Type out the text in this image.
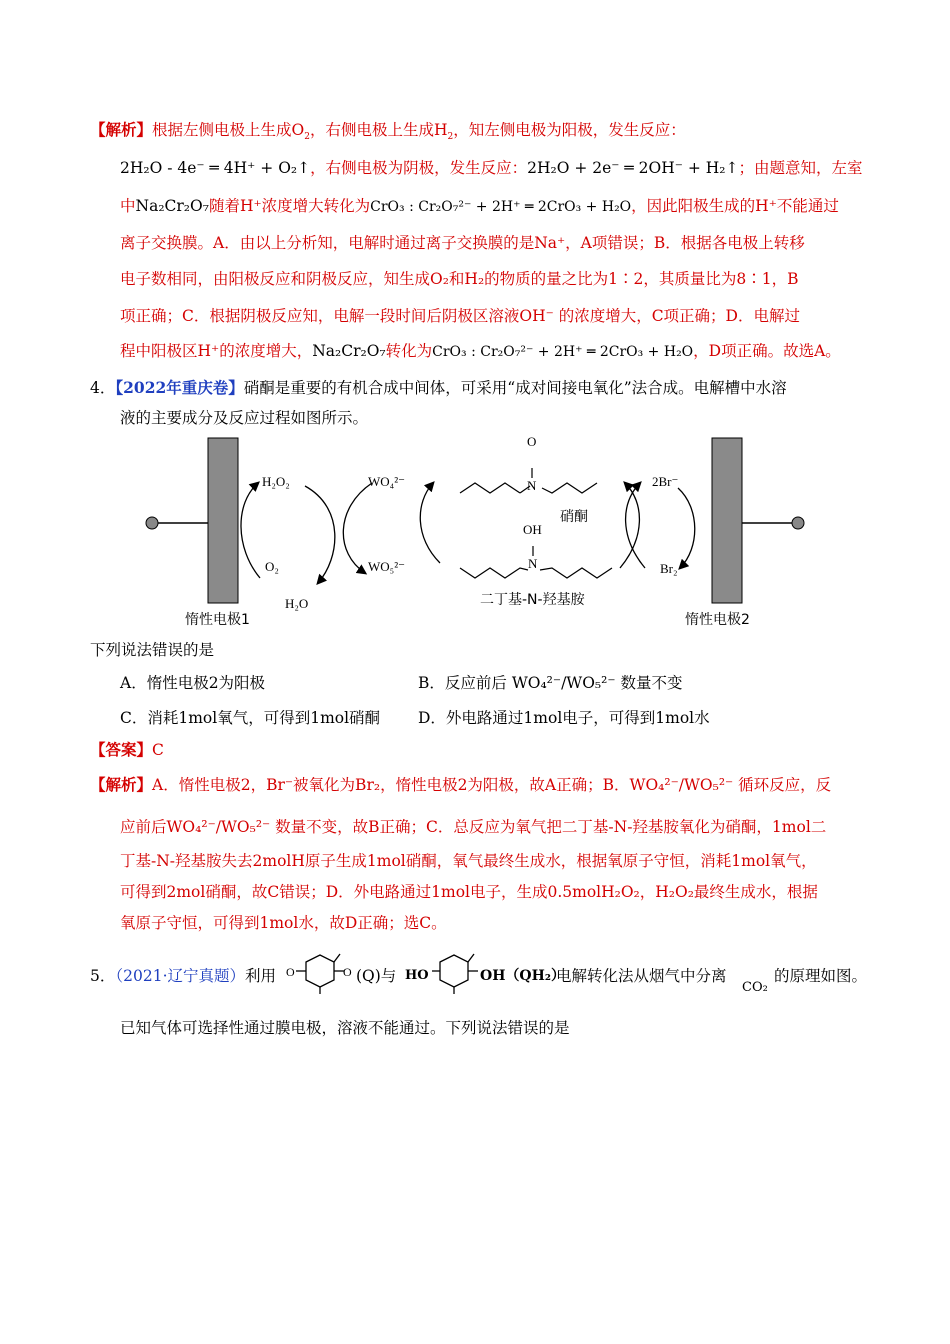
【解析】根据左侧电极上生成$O_2$，右侧电极上生成$H_2$，知左侧电极为阳极，发生反应：
2H₂O - 4e⁻ ═ 4H⁺ + O₂↑，右侧电极为阴极，发生反应：2H₂O + 2e⁻ ═ 2OH⁻ + H₂↑；由题意知，左室
中Na₂Cr₂O₇随着H⁺浓度增大转化为CrO₃ : Cr₂O₇²⁻ + 2H⁺ ═ 2CrO₃ + H₂O，因此阳极生成的H⁺不能通过
离子交换膜。A．由以上分析知，电解时通过离子交换膜的是Na⁺，A项错误；B．根据各电极上转移
电子数相同，由阳极反应和阴极反应，知生成O₂和H₂的物质的量之比为1∶2，其质量比为8∶1，B
项正确；C．根据阴极反应知，电解一段时间后阴极区溶液OH⁻ 的浓度增大，C项正确；D．电解过
程中阳极区H⁺的浓度增大，Na₂Cr₂O₇转化为CrO₃ : Cr₂O₇²⁻ + 2H⁺ ═ 2CrO₃ + H₂O，D项正确。故选A。
4．【2022年重庆卷】硝酮是重要的有机合成中间体，可采用“成对间接电氧化”法合成。电解槽中水溶
液的主要成分及反应过程如图所示。
H₂O₂
O₂
H₂O
WO₄²⁻
WO₅²⁻
O
N
OH
N
硝酮
二丁基-N-羟基胺
2Br⁻
Br₂
惰性电极1	惰性电极2
下列说法错误的是
A．惰性电极2为阳极	B．反应前后 WO₄²⁻/WO₅²⁻ 数量不变
C．消耗1mol氧气，可得到1mol硝酮 D．外电路通过1mol电子，可得到1mol水
【答案】C
【解析】A．惰性电极2，Br⁻被氧化为Br₂，惰性电极2为阳极，故A正确；B．WO₄²⁻/WO₅²⁻ 循环反应，反
应前后WO₄²⁻/WO₅²⁻ 数量不变，故B正确；C．总反应为氧气把二丁基-N-羟基胺氧化为硝酮，1mol二
丁基-N-羟基胺失去2molH原子生成1mol硝酮，氧气最终生成水，根据氧原子守恒，消耗1mol氧气，
可得到2mol硝酮，故C错误；D．外电路通过1mol电子，生成0.5molH₂O₂，H₂O₂最终生成水，根据
氧原子守恒，可得到1mol水，故D正确；选C。
5．（2021·辽宁真题）利用 O	O (Q)与 HO	OH（QH₂）
电解转化法从烟气中分离
CO₂
的原理如图。
已知气体可选择性通过膜电极，溶液不能通过。下列说法错误的是
